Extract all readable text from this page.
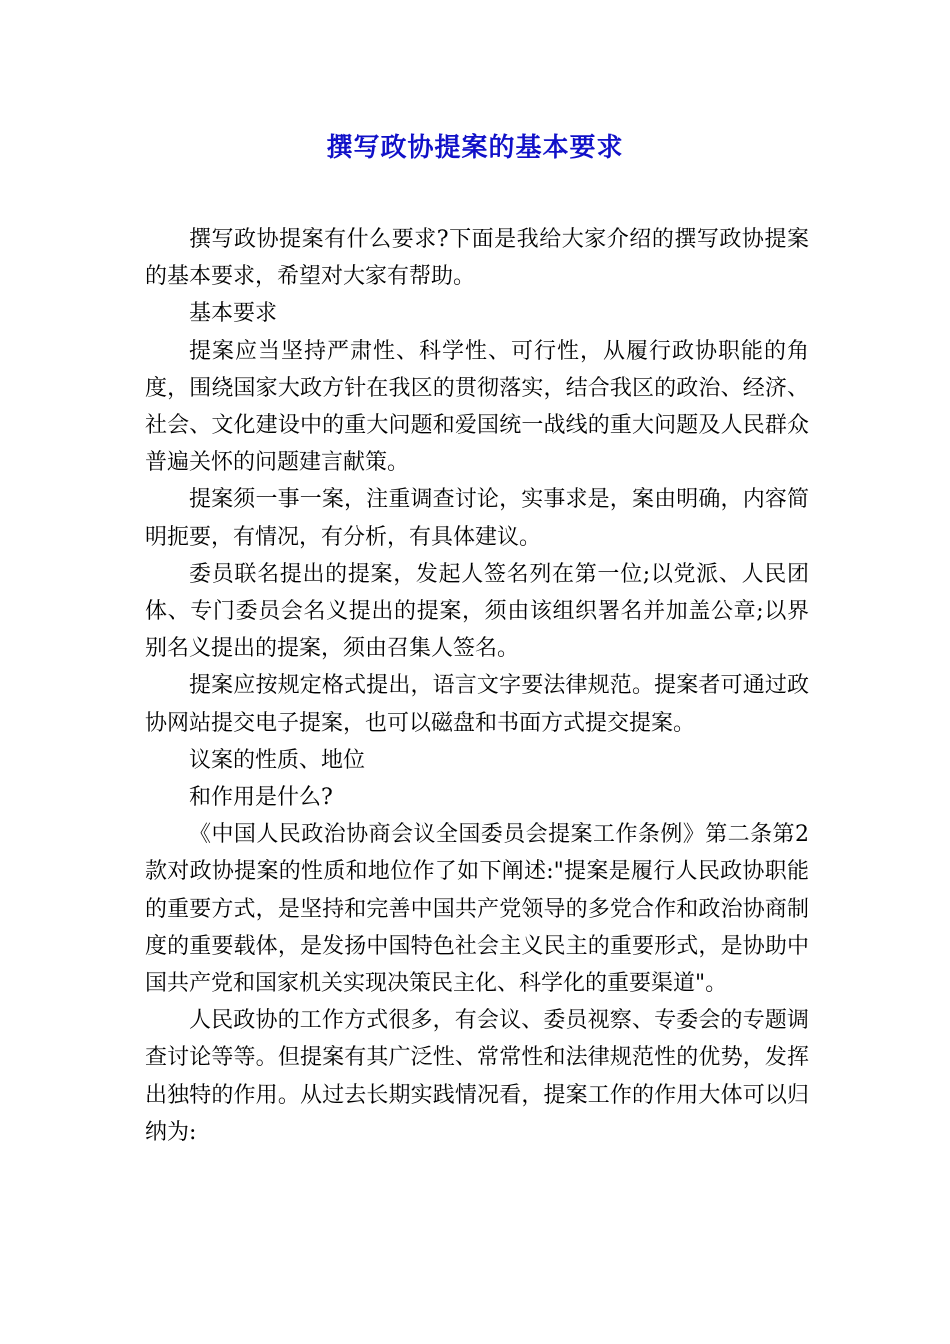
撰写政协提案的基本要求

撰写政协提案有什么要求?下面是我给大家介绍的撰写政协提案的基本要求，希望对大家有帮助。

基本要求

提案应当坚持严肃性、科学性、可行性，从履行政协职能的角度，围绕国家大政方针在我区的贯彻落实，结合我区的政治、经济、社会、文化建设中的重大问题和爱国统一战线的重大问题及人民群众普遍关怀的问题建言献策。

提案须一事一案，注重调查讨论，实事求是，案由明确，内容简明扼要，有情况，有分析，有具体建议。

委员联名提出的提案，发起人签名列在第一位;以党派、人民团体、专门委员会名义提出的提案，须由该组织署名并加盖公章;以界别名义提出的提案，须由召集人签名。

提案应按规定格式提出，语言文字要法律规范。提案者可通过政协网站提交电子提案，也可以磁盘和书面方式提交提案。

议案的性质、地位

和作用是什么?

《中国人民政治协商会议全国委员会提案工作条例》第二条第2款对政协提案的性质和地位作了如下阐述:"提案是履行人民政协职能的重要方式，是坚持和完善中国共产党领导的多党合作和政治协商制度的重要载体，是发扬中国特色社会主义民主的重要形式，是协助中国共产党和国家机关实现决策民主化、科学化的重要渠道"。

人民政协的工作方式很多，有会议、委员视察、专委会的专题调查讨论等等。但提案有其广泛性、常常性和法律规范性的优势，发挥出独特的作用。从过去长期实践情况看，提案工作的作用大体可以归纳为:
